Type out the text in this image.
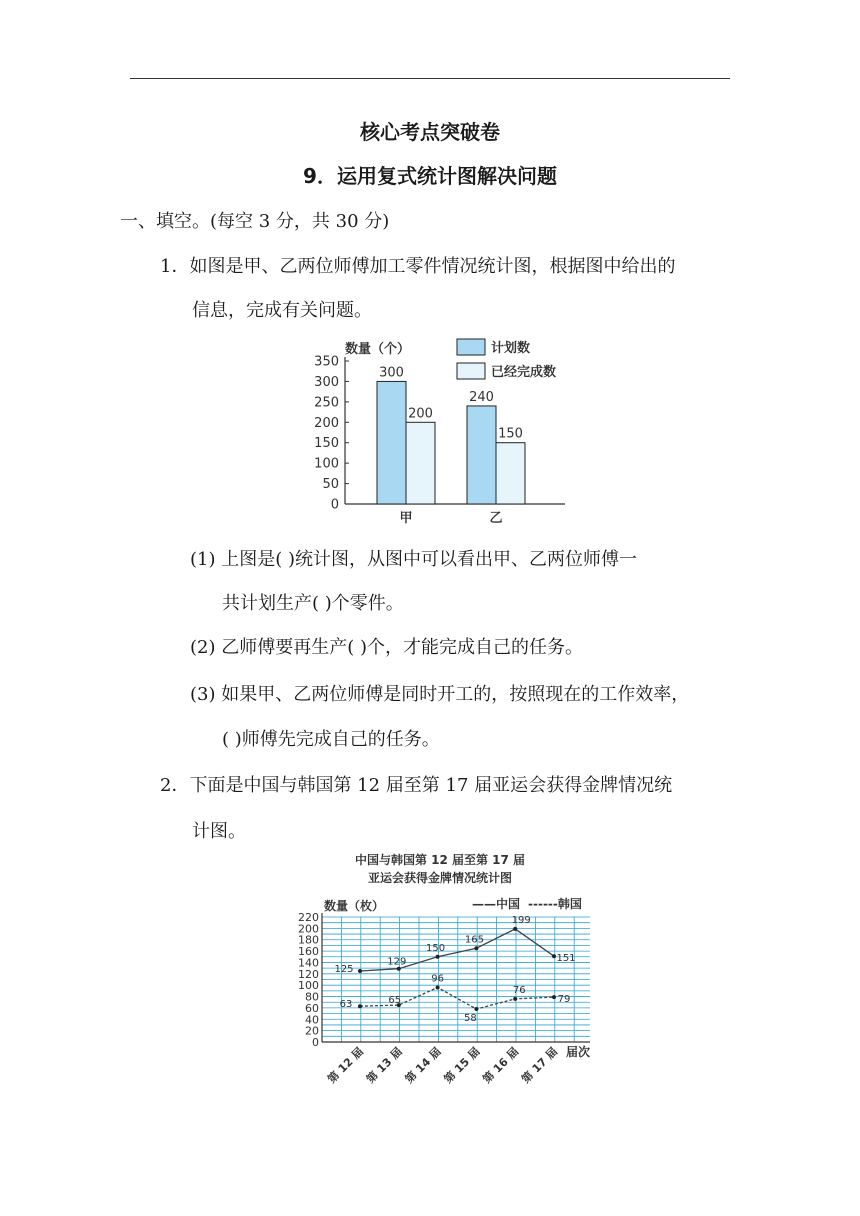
核心考点突破卷
9．运用复式统计图解决问题
一、填空。(每空 3 分，共 30 分)
1．如图是甲、乙两位师傅加工零件情况统计图，根据图中给出的
信息，完成有关问题。
0
50
100
150
200
250
300
350
数量（个）
300
200
甲
240
150
乙
计划数
已经完成数
(1) 上图是( )统计图，从图中可以看出甲、乙两位师傅一
共计划生产( )个零件。
(2) 乙师傅要再生产( )个，才能完成自己的任务。
(3) 如果甲、乙两位师傅是同时开工的，按照现在的工作效率，
( )师傅先完成自己的任务。
2．下面是中国与韩国第 12 届至第 17 届亚运会获得金牌情况统
计图。
中国与韩国第 12 届至第 17 届
亚运会获得金牌情况统计图
0
20
40
60
80
100
120
140
160
180
200
220
数量（枚）
第 12 届
第 13 届
第 14 届
第 15 届
第 16 届
第 17 届 届次
125
129
150
165
199
151
63	65
96
58
76
79
——中国 ------韩国
